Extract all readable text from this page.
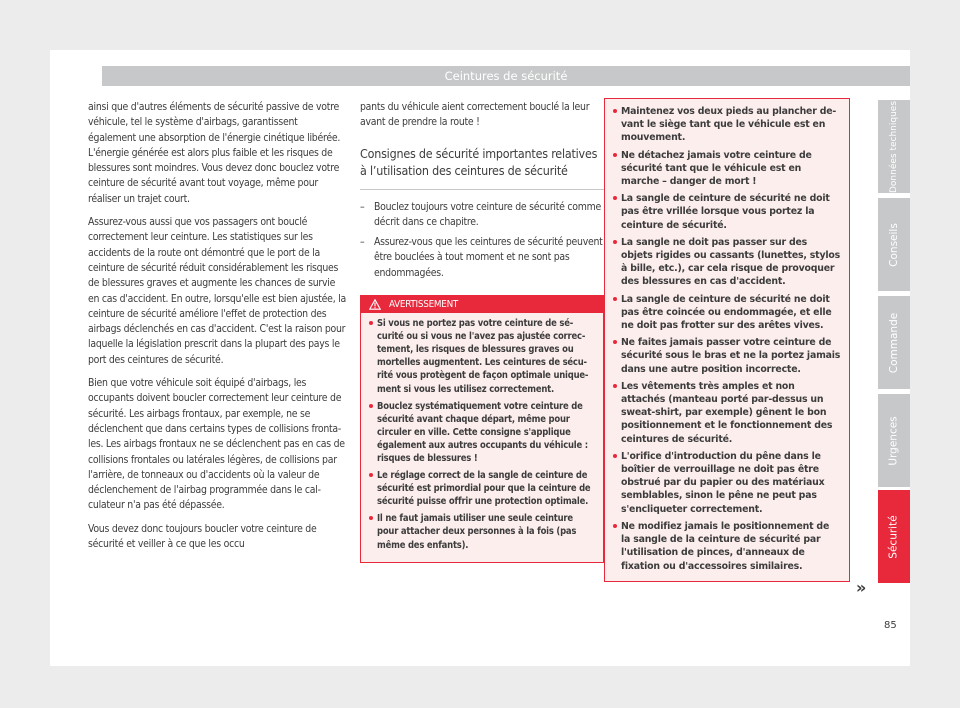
Ceintures de sécurité

ainsi que d'autres éléments de sécurité passive de votre véhicule, tel le système d'airbags, garantissent également une absorption de l'énergie cinétique libérée. L'énergie générée est alors plus faible et les risques de blessures sont moindres. Vous devez donc bouclez votre ceinture de sécurité avant tout voyage, même pour réaliser un trajet court.

Assurez-vous aussi que vos passagers ont bouclé correctement leur ceinture. Les statistiques sur les accidents de la route ont démontré que le port de la ceinture de sécurité réduit considérablement les risques de blessures graves et augmente les chances de survie en cas d'accident. En outre, lorsqu'elle est bien ajustée, la ceinture de sécurité améliore l'effet de protection des airbags déclenchés en cas d'accident. C'est la raison pour laquelle la législation prescrit dans la plupart des pays le port des ceintures de sécurité.

Bien que votre véhicule soit équipé d'airbags, les occupants doivent boucler correctement leur ceinture de sécurité. Les airbags frontaux, par exemple, ne se déclenchent que dans certains types de collisions frontales. Les airbags frontaux ne se déclenchent pas en cas de collisions frontales ou latérales légères, de collisions par l'arrière, de tonneaux ou d'accidents où la valeur de déclenchement de l'airbag programmée dans le calculateur n'a pas été dépassée.

Vous devez donc toujours boucler votre ceinture de sécurité et veiller à ce que les occu

pants du véhicule aient correctement bouclé la leur avant de prendre la route !

Consignes de sécurité importantes relatives à l’utilisation des ceintures de sécurité
– Bouclez toujours votre ceinture de sécurité comme décrit dans ce chapitre.
– Assurez-vous que les ceintures de sécurité peuvent être bouclées à tout moment et ne sont pas endommagées.
AVERTISSEMENT
Si vous ne portez pas votre ceinture de sécurité ou si vous ne l'avez pas ajustée correctement, les risques de blessures graves ou mortelles augmentent. Les ceintures de sécurité vous protègent de façon optimale uniquement si vous les utilisez correctement.
Bouclez systématiquement votre ceinture de sécurité avant chaque départ, même pour circuler en ville. Cette consigne s'applique également aux autres occupants du véhicule : risques de blessures !
Le réglage correct de la sangle de ceinture de sécurité est primordial pour que la ceinture de sécurité puisse offrir une protection optimale.
Il ne faut jamais utiliser une seule ceinture pour attacher deux personnes à la fois (pas même des enfants).
Maintenez vos deux pieds au plancher devant le siège tant que le véhicule est en mouvement.
Ne détachez jamais votre ceinture de sécurité tant que le véhicule est en marche – danger de mort !
La sangle de ceinture de sécurité ne doit pas être vrillée lorsque vous portez la ceinture de sécurité.
La sangle ne doit pas passer sur des objets rigides ou cassants (lunettes, stylos à bille, etc.), car cela risque de provoquer des blessures en cas d'accident.
La sangle de ceinture de sécurité ne doit pas être coincée ou endommagée, et elle ne doit pas frotter sur des arêtes vives.
Ne faites jamais passer votre ceinture de sécurité sous le bras et ne la portez jamais dans une autre position incorrecte.
Les vêtements très amples et non attachés (manteau porté par-dessus un sweat-shirt, par exemple) gênent le bon positionnement et le fonctionnement des ceintures de sécurité.
L'orifice d'introduction du pêne dans le boîtier de verrouillage ne doit pas être obstrué par du papier ou des matériaux semblables, sinon le pêne ne peut pas s'encliqueter correctement.
Ne modifiez jamais le positionnement de la sangle de la ceinture de sécurité par l'utilisation de pinces, d'anneaux de fixation ou d'accessoires similaires.
»
85
Données techniques
Conseils
Commande
Urgences
Sécurité
